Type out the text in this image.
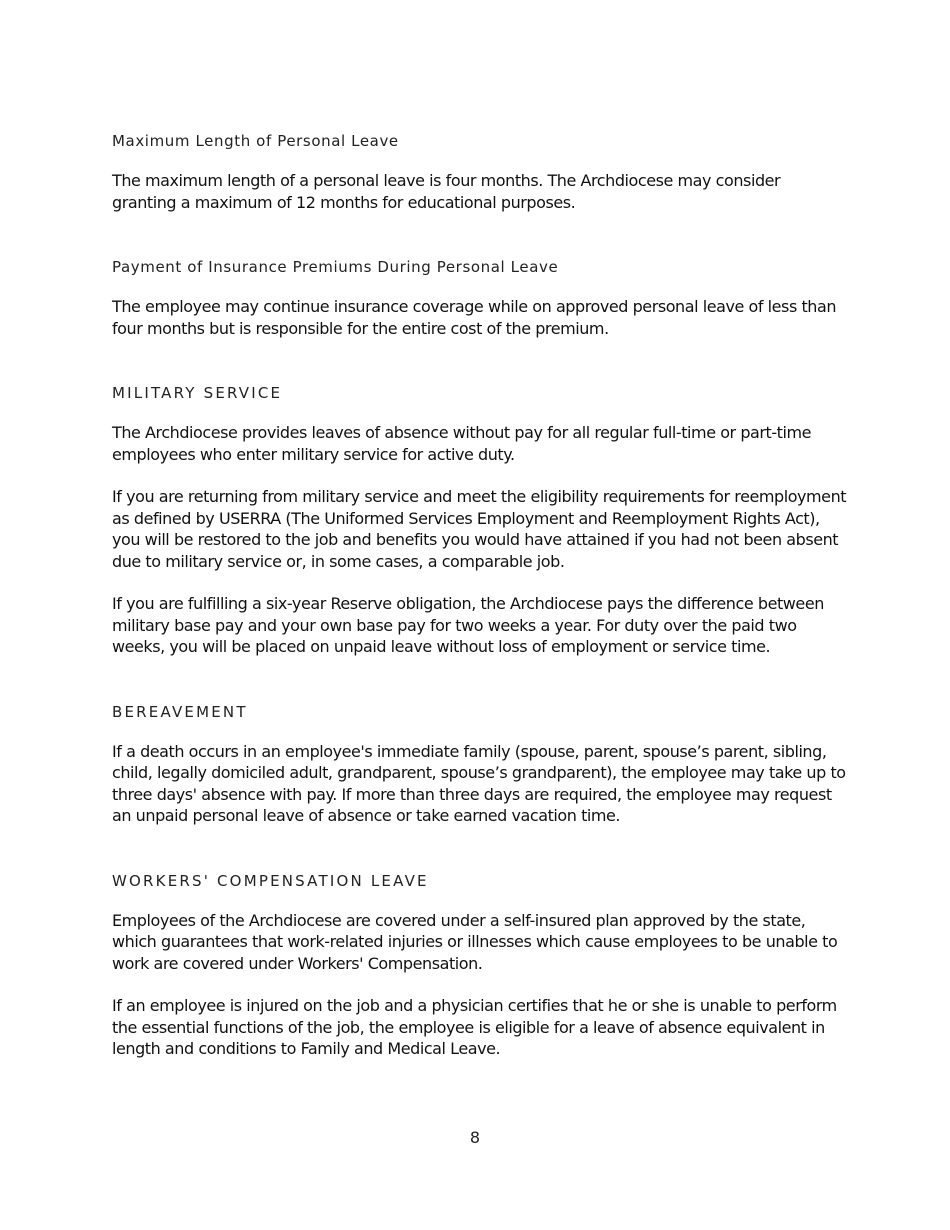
Maximum Length of Personal Leave

The maximum length of a personal leave is four months. The Archdiocese may consider granting a maximum of 12 months for educational purposes.

Payment of Insurance Premiums During Personal Leave

The employee may continue insurance coverage while on approved personal leave of less than four months but is responsible for the entire cost of the premium.

MILITARY SERVICE

The Archdiocese provides leaves of absence without pay for all regular full-time or part-time employees who enter military service for active duty.

If you are returning from military service and meet the eligibility requirements for reemployment as defined by USERRA (The Uniformed Services Employment and Reemployment Rights Act), you will be restored to the job and benefits you would have attained if you had not been absent due to military service or, in some cases, a comparable job.

If you are fulfilling a six-year Reserve obligation, the Archdiocese pays the difference between military base pay and your own base pay for two weeks a year. For duty over the paid two weeks, you will be placed on unpaid leave without loss of employment or service time.

BEREAVEMENT

If a death occurs in an employee's immediate family (spouse, parent, spouse’s parent, sibling, child, legally domiciled adult, grandparent, spouse’s grandparent), the employee may take up to three days' absence with pay. If more than three days are required, the employee may request an unpaid personal leave of absence or take earned vacation time.

WORKERS' COMPENSATION LEAVE

Employees of the Archdiocese are covered under a self-insured plan approved by the state, which guarantees that work-related injuries or illnesses which cause employees to be unable to work are covered under Workers' Compensation.

If an employee is injured on the job and a physician certifies that he or she is unable to perform the essential functions of the job, the employee is eligible for a leave of absence equivalent in length and conditions to Family and Medical Leave.

8
